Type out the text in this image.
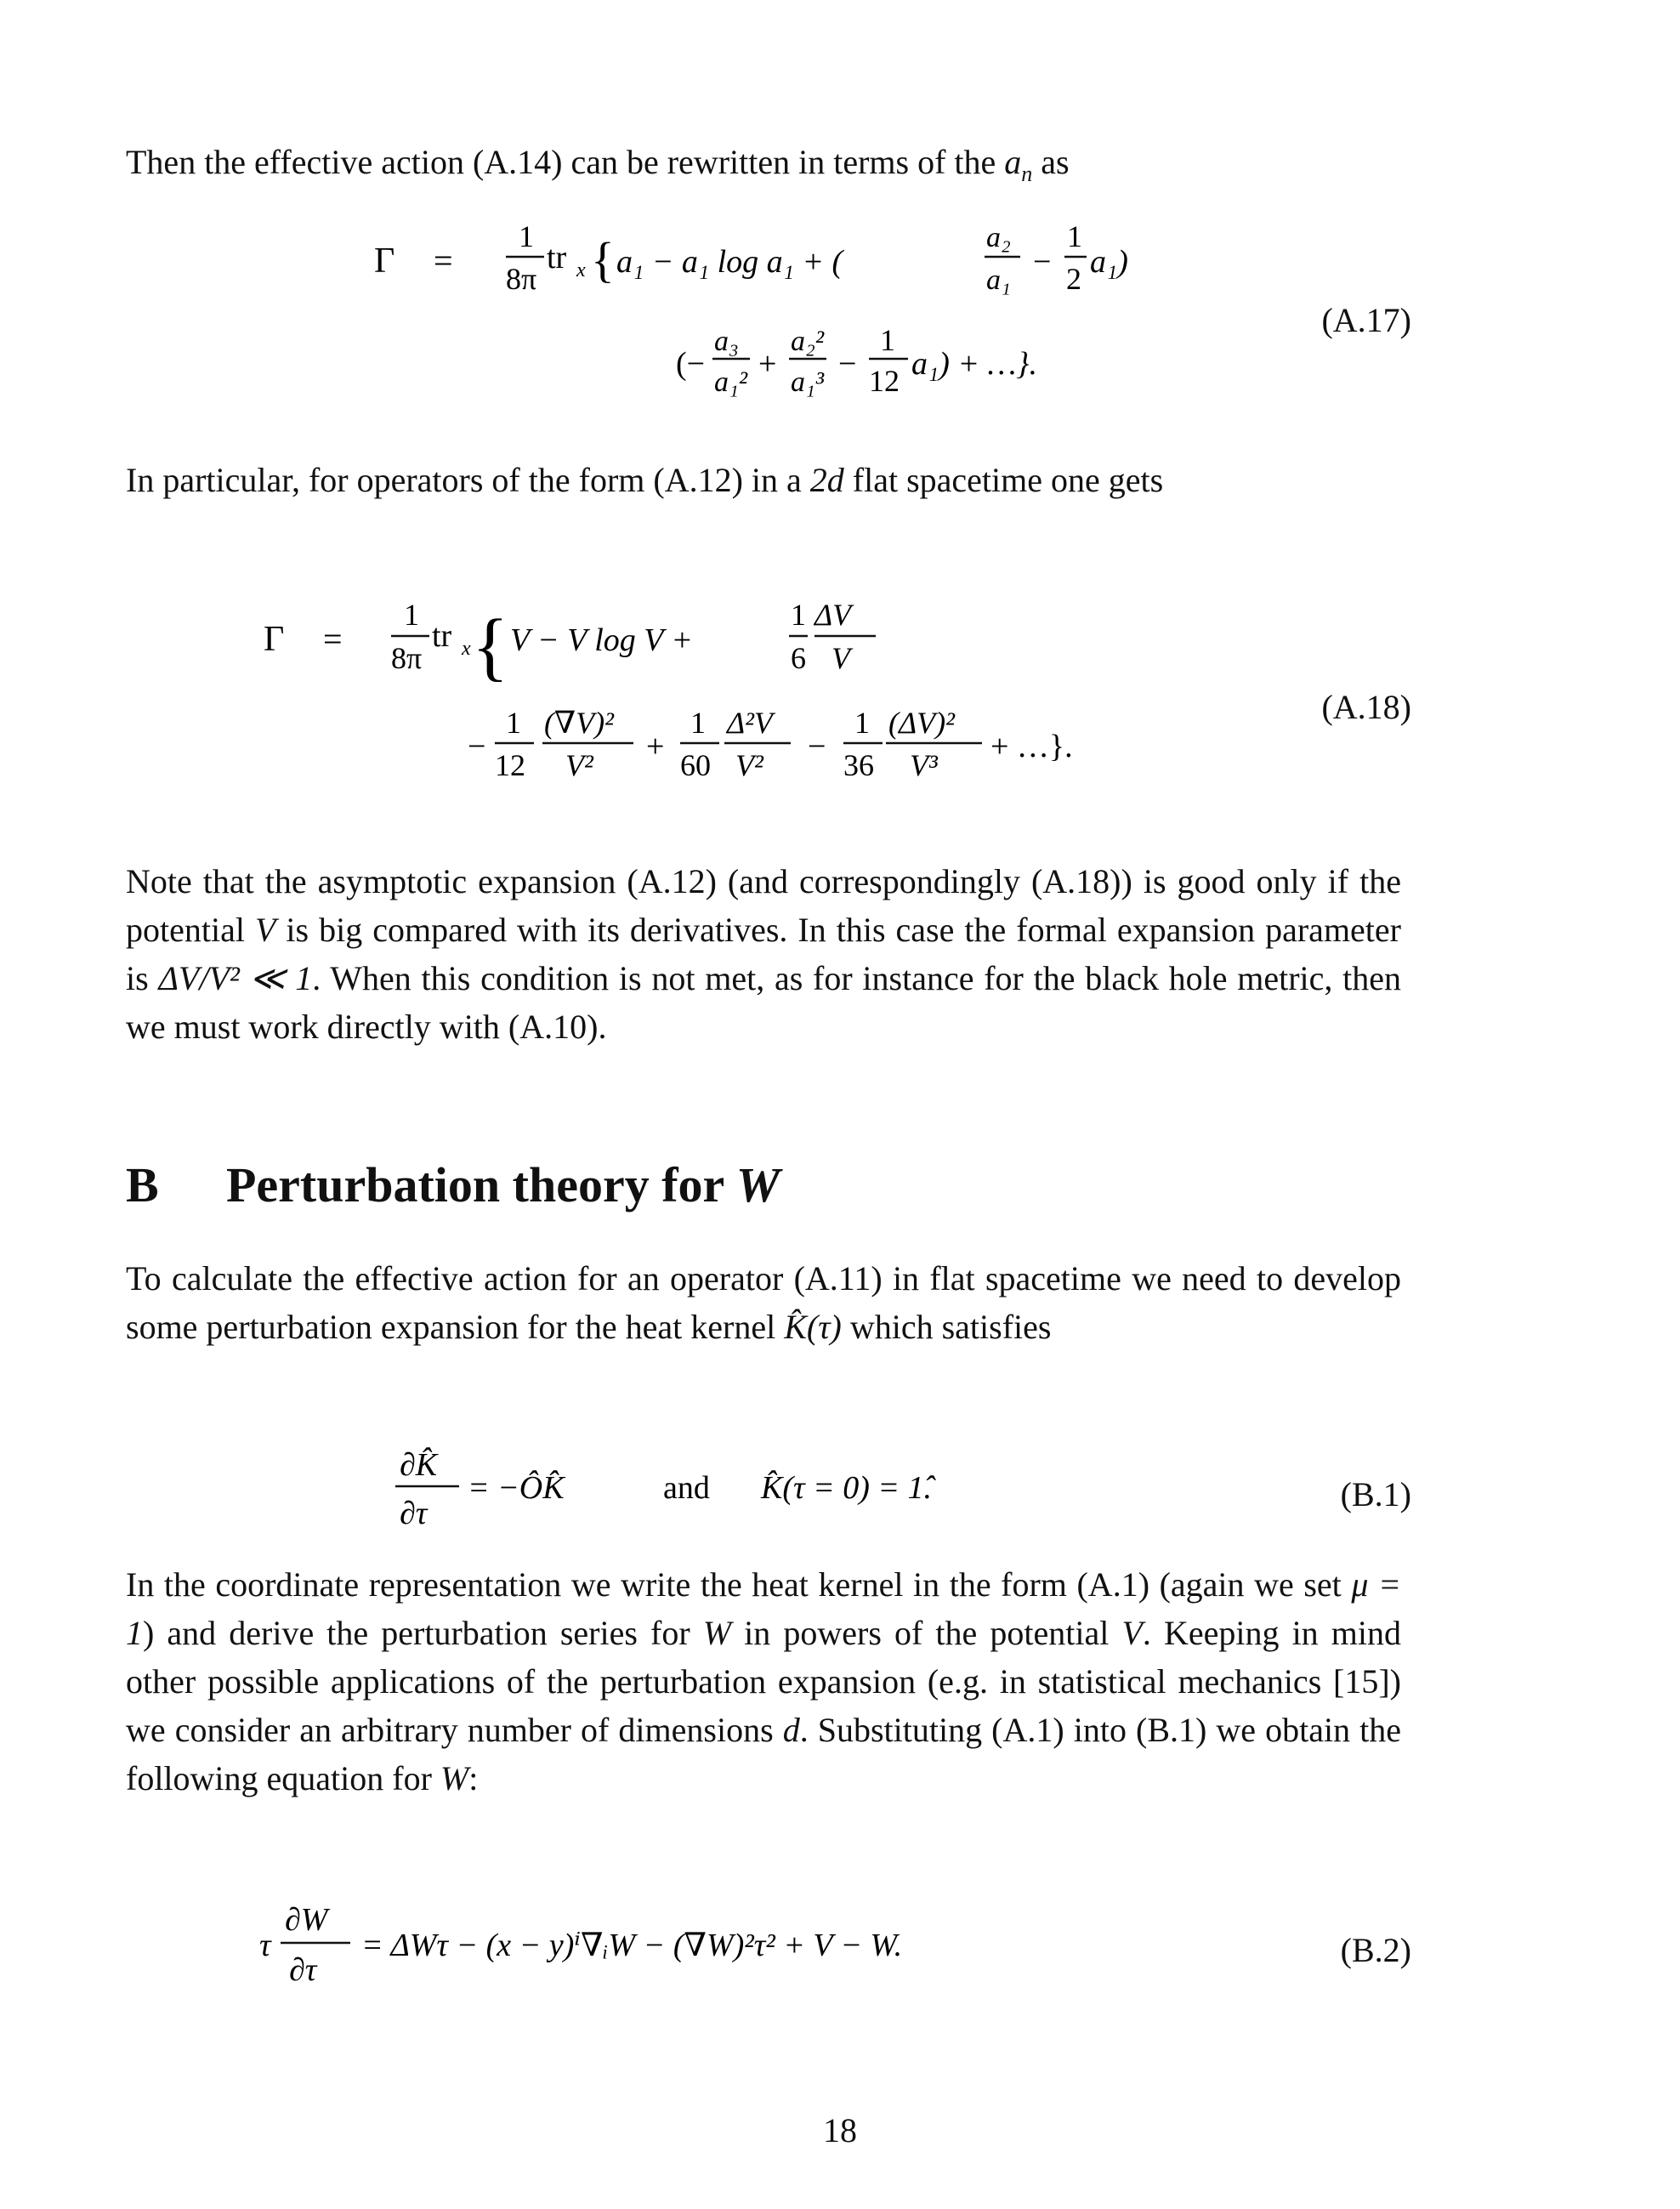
Then the effective action (A.14) can be rewritten in terms of the $a_n$ as
Γ =
1
8π
tr x { a₁ − a₁ log a₁ + (
a₂
a₁
−
1
2 a₁)
(−
a₃
a₁²
+
a₂²
a₁³
−
1
12 a₁) + …}.
(A.17)
In particular, for operators of the form (A.12) in a 2d flat spacetime one gets
Γ =
1
8π
tr x { V − V log V +
1
6
ΔV
V
−
1
12
(∇V)²
V²
+
1
60
Δ²V
V²
−
1
36
(ΔV)²
V³
+ …}.
(A.18)
Note that the asymptotic expansion (A.12) (and correspondingly (A.18)) is good only if the potential V is big compared with its derivatives. In this case the formal expansion parameter is ΔV/V² ≪ 1. When this condition is not met, as for instance for the black hole metric, then we must work directly with (A.10).
B Perturbation theory for W
To calculate the effective action for an operator (A.11) in flat spacetime we need to develop some perturbation expansion for the heat kernel K̂(τ) which satisfies
∂K̂
∂τ
= −ÔK̂	and K̂(τ = 0) = 1̂.	(B.1)
In the coordinate representation we write the heat kernel in the form (A.1) (again we set μ = 1) and derive the perturbation series for W in powers of the potential V. Keeping in mind other possible applications of the perturbation expansion (e.g. in statistical mechanics [15]) we consider an arbitrary number of dimensions d. Substituting (A.1) into (B.1) we obtain the following equation for W:
τ
∂W
∂τ
= ΔWτ − (x − y)ⁱ∇ᵢW − (∇W)²τ² + V − W.	(B.2)
18
